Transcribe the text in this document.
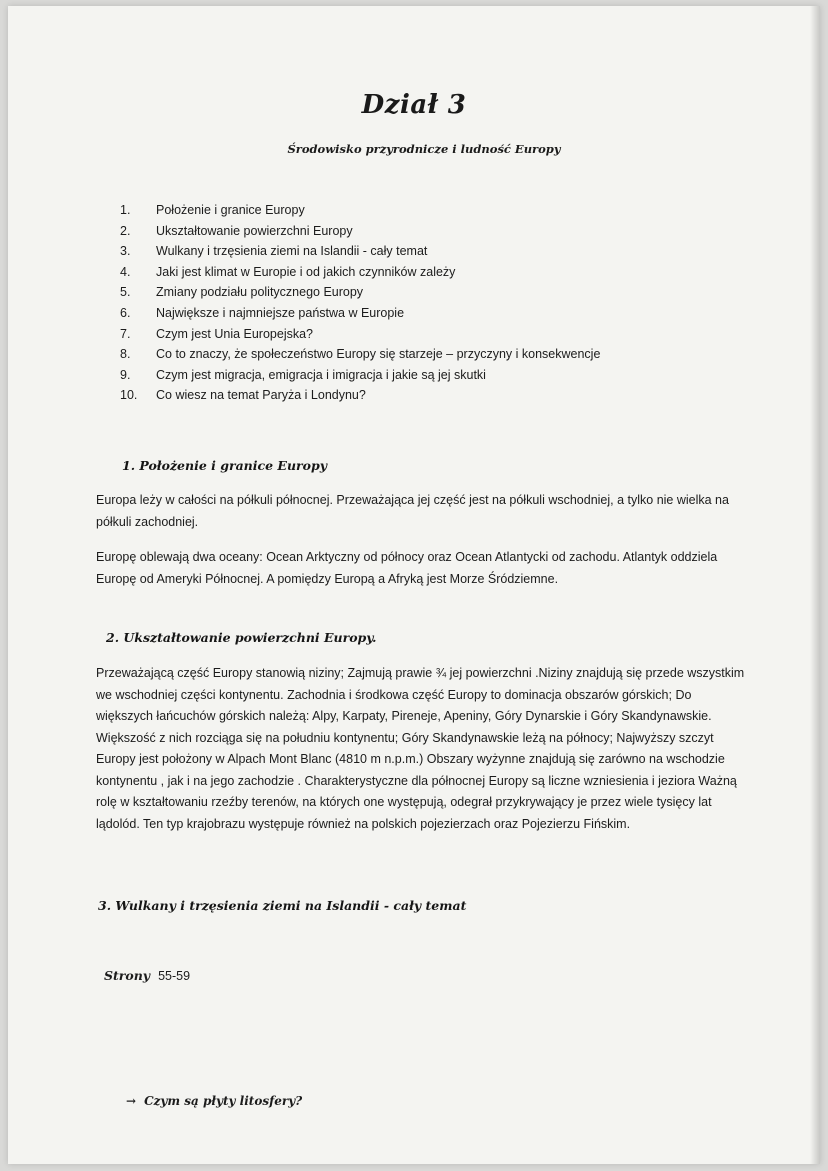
Dział 3
Środowisko przyrodnicze i ludność Europy
1.	Położenie i granice Europy
2.	Ukształtowanie powierzchni Europy
3.	Wulkany i trzęsienia ziemi na Islandii - cały temat
4.	Jaki jest klimat w Europie i od jakich czynników zależy
5.	Zmiany podziału politycznego Europy
6.	Największe i najmniejsze państwa w Europie
7.	Czym jest Unia Europejska?
8.	Co to znaczy, że społeczeństwo Europy się starzeje – przyczyny i konsekwencje
9.	Czym jest migracja, emigracja i imigracja i jakie są jej skutki
10.	Co wiesz na temat Paryża i Londynu?
1. Położenie i granice Europy
Europa leży w całości na półkuli północnej. Przeważająca jej część jest na półkuli wschodniej, a tylko nie wielka na półkuli zachodniej.
Europę oblewają dwa oceany: Ocean Arktyczny od północy oraz Ocean Atlantycki od zachodu. Atlantyk oddziela Europę od Ameryki Północnej. A pomiędzy Europą a Afryką jest Morze Śródziemne.
2. Ukształtowanie powierzchni Europy.
Przeważającą część Europy stanowią niziny; Zajmują prawie ¾ jej powierzchni .Niziny znajdują się przede wszystkim we wschodniej części kontynentu. Zachodnia i środkowa część Europy to dominacja obszarów górskich; Do większych łańcuchów górskich należą: Alpy, Karpaty, Pireneje, Apeniny, Góry Dynarskie i Góry Skandynawskie. Większość z nich rozciąga się na południu kontynentu; Góry Skandynawskie leżą na północy; Najwyższy szczyt Europy jest położony w Alpach Mont Blanc (4810 m n.p.m.) Obszary wyżynne znajdują się zarówno na wschodzie kontynentu , jak i na jego zachodzie . Charakterystyczne dla północnej Europy są liczne wzniesienia i jeziora Ważną rolę w kształtowaniu rzeźby terenów, na których one występują, odegrał przykrywający je przez wiele tysięcy lat lądolód. Ten typ krajobrazu występuje również na polskich pojezierzach oraz Pojezierzu Fińskim.
3. Wulkany i trzęsienia ziemi na Islandii - cały temat
Strony 55-59
→ Czym są płyty litosfery?
